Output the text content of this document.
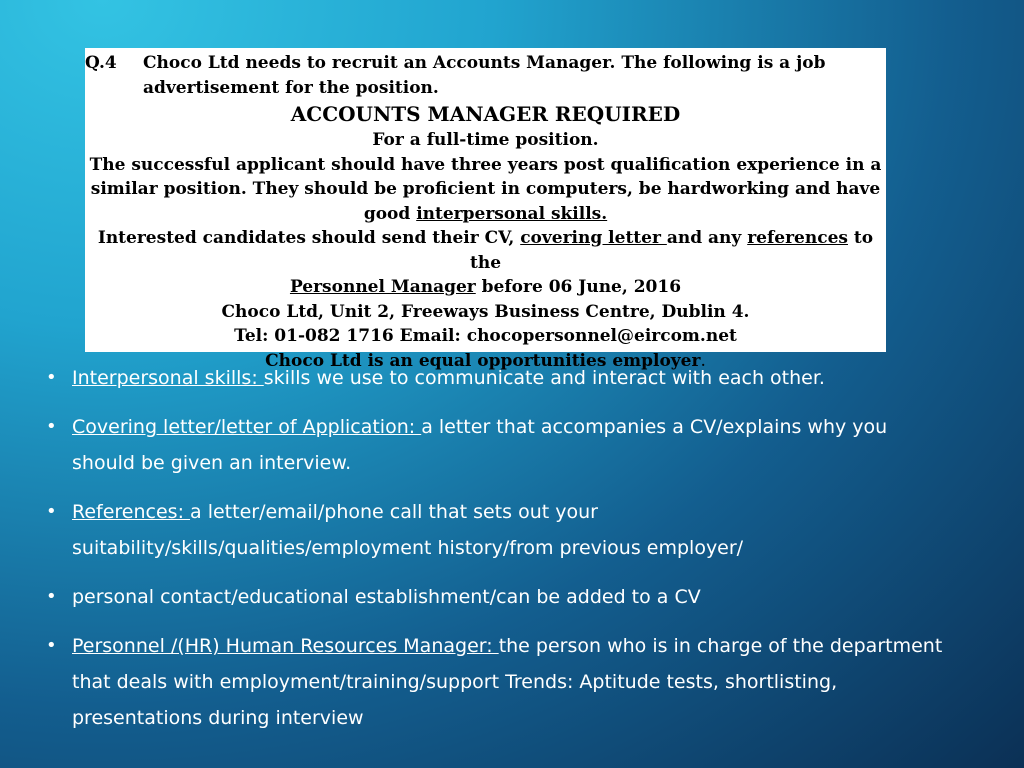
Q.4	Choco Ltd needs to recruit an Accounts Manager. The following is a job
advertisement for the position.
ACCOUNTS MANAGER REQUIRED
For a full-time position.
The successful applicant should have three years post qualification experience in a
similar position. They should be proficient in computers, be hardworking and have
good interpersonal skills.
Interested candidates should send their CV, covering letter and any references to the
Personnel Manager before 06 June, 2016
Choco Ltd, Unit 2, Freeways Business Centre, Dublin 4.
Tel: 01-082 1716 Email: chocopersonnel@eircom.net
Choco Ltd is an equal opportunities employer.
• Interpersonal skills: skills we use to communicate and interact with each other.
• Covering letter/letter of Application: a letter that accompanies a CV/explains why you should be given an interview.
• References: a letter/email/phone call that sets out your suitability/skills/qualities/employment history/from previous employer/
• personal contact/educational establishment/can be added to a CV
• Personnel /(HR) Human Resources Manager: the person who is in charge of the department that deals with employment/training/support Trends: Aptitude tests, shortlisting, presentations during interview
